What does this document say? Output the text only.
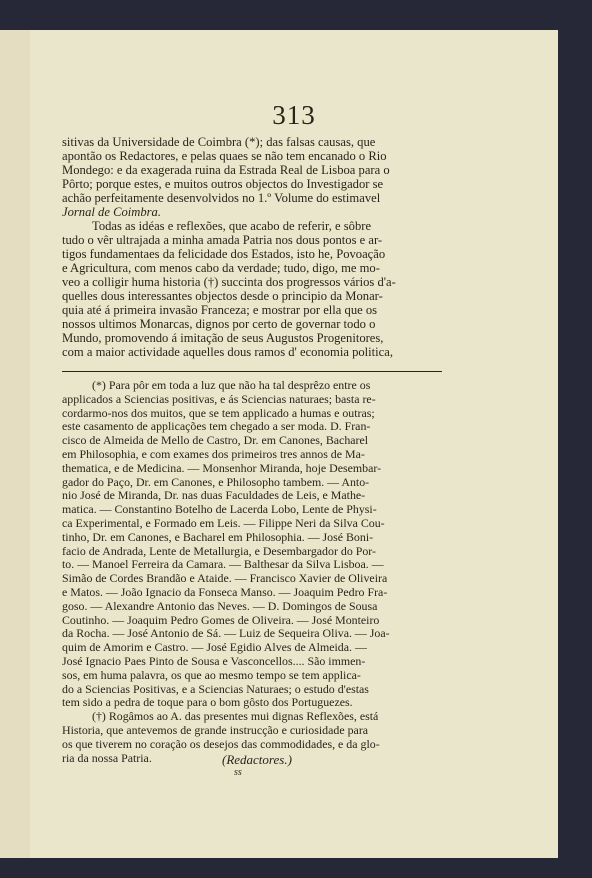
313

sitivas da Universidade de Coimbra (*); das falsas causas, que

apontão os Redactores, e pelas quaes se não tem encanado o Rio

Mondego: e da exagerada ruina da Estrada Real de Lisboa para o

Pôrto; porque estes, e muitos outros objectos do Investigador se

achão perfeitamente desenvolvidos no 1.º Volume do estimavel

Jornal de Coimbra.

Todas as idéas e reflexões, que acabo de referir, e sôbre

tudo o vêr ultrajada a minha amada Patria nos dous pontos e ar-

tigos fundamentaes da felicidade dos Estados, isto he, Povoação

e Agricultura, com menos cabo da verdade; tudo, digo, me mo-

veo a colligir huma historia (†) succinta dos progressos vários d'a-

quelles dous interessantes objectos desde o principio da Monar-

quia até á primeira invasão Franceza; e mostrar por ella que os

nossos ultimos Monarcas, dignos por certo de governar todo o

Mundo, promovendo á imitação de seus Augustos Progenitores,

com a maior actividade aquelles dous ramos d' economia politica,

(*) Para pôr em toda a luz que não ha tal desprêzo entre os

applicados a Sciencias positivas, e ás Sciencias naturaes; basta re-

cordarmo-nos dos muitos, que se tem applicado a humas e outras;

este casamento de applicações tem chegado a ser moda. D. Fran-

cisco de Almeida de Mello de Castro, Dr. em Canones, Bacharel

em Philosophia, e com exames dos primeiros tres annos de Ma-

thematica, e de Medicina. — Monsenhor Miranda, hoje Desembar-

gador do Paço, Dr. em Canones, e Philosopho tambem. — Anto-

nio José de Miranda, Dr. nas duas Faculdades de Leis, e Mathe-

matica. — Constantino Botelho de Lacerda Lobo, Lente de Physi-

ca Experimental, e Formado em Leis. — Filippe Neri da Silva Cou-

tinho, Dr. em Canones, e Bacharel em Philosophia. — José Boni-

facio de Andrada, Lente de Metallurgia, e Desembargador do Por-

to. — Manoel Ferreira da Camara. — Balthesar da Silva Lisboa. —

Simão de Cordes Brandão e Ataide. — Francisco Xavier de Oliveira

e Matos. — João Ignacio da Fonseca Manso. — Joaquim Pedro Fra-

goso. — Alexandre Antonio das Neves. — D. Domingos de Sousa

Coutinho. — Joaquim Pedro Gomes de Oliveira. — José Monteiro

da Rocha. — José Antonio de Sá. — Luiz de Sequeira Oliva. — Joa-

quim de Amorim e Castro. — José Egidio Alves de Almeida. —

José Ignacio Paes Pinto de Sousa e Vasconcellos.... São immen-

sos, em huma palavra, os que ao mesmo tempo se tem applica-

do a Sciencias Positivas, e a Sciencias Naturaes; o estudo d'estas

tem sido a pedra de toque para o bom gôsto dos Portuguezes.

(†) Rogâmos ao A. das presentes mui dignas Reflexões, está

Historia, que antevemos de grande instrucção e curiosidade para

os que tiverem no coração os desejos das commodidades, e da glo-

ria da nossa Patria.	(Redactores.)
ss
